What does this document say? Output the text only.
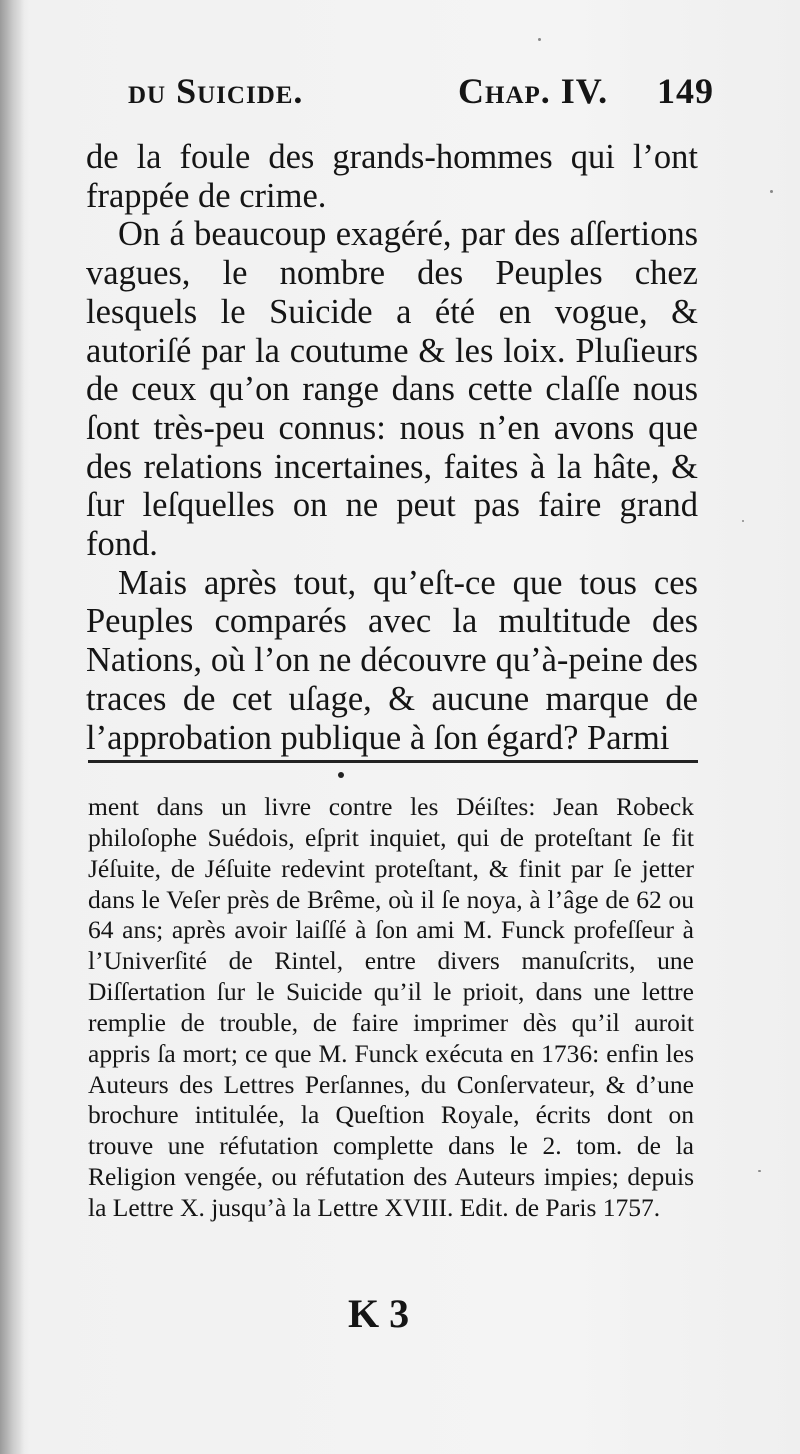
du Suicide.	Chap. IV. 149

de la foule des grands-hommes qui l’ont frappée de crime.

On á beaucoup exagéré, par des aſſertions vagues, le nombre des Peuples chez lesquels le Suicide a été en vogue, & autoriſé par la coutume & les loix. Pluſieurs de ceux qu’on range dans cette claſſe nous ſont très-peu connus: nous n’en avons que des relations incertaines, faites à la hâte, & ſur leſquelles on ne peut pas faire grand fond.

Mais après tout, qu’eſt-ce que tous ces Peuples comparés avec la multitude des Nations, où l’on ne découvre qu’à-peine des traces de cet uſage, & aucune marque de l’approbation publique à ſon égard? Parmi

ment dans un livre contre les Déiſtes: Jean Robeck philoſophe Suédois, eſprit inquiet, qui de proteſtant ſe fit Jéſuite, de Jéſuite redevint proteſtant, & finit par ſe jetter dans le Veſer près de Brême, où il ſe noya, à l’âge de 62 ou 64 ans; après avoir laiſſé à ſon ami M. Funck profeſſeur à l’Univerſité de Rintel, entre divers manuſcrits, une Diſſertation ſur le Suicide qu’il le prioit, dans une lettre remplie de trouble, de faire imprimer dès qu’il auroit appris ſa mort; ce que M. Funck exécuta en 1736: enfin les Auteurs des Lettres Perſannes, du Conſervateur, & d’une brochure intitulée, la Queſtion Royale, écrits dont on trouve une réfutation complette dans le 2. tom. de la Religion vengée, ou réfutation des Auteurs impies; depuis la Lettre X. jusqu’à la Lettre XVIII. Edit. de Paris 1757.

K 3
